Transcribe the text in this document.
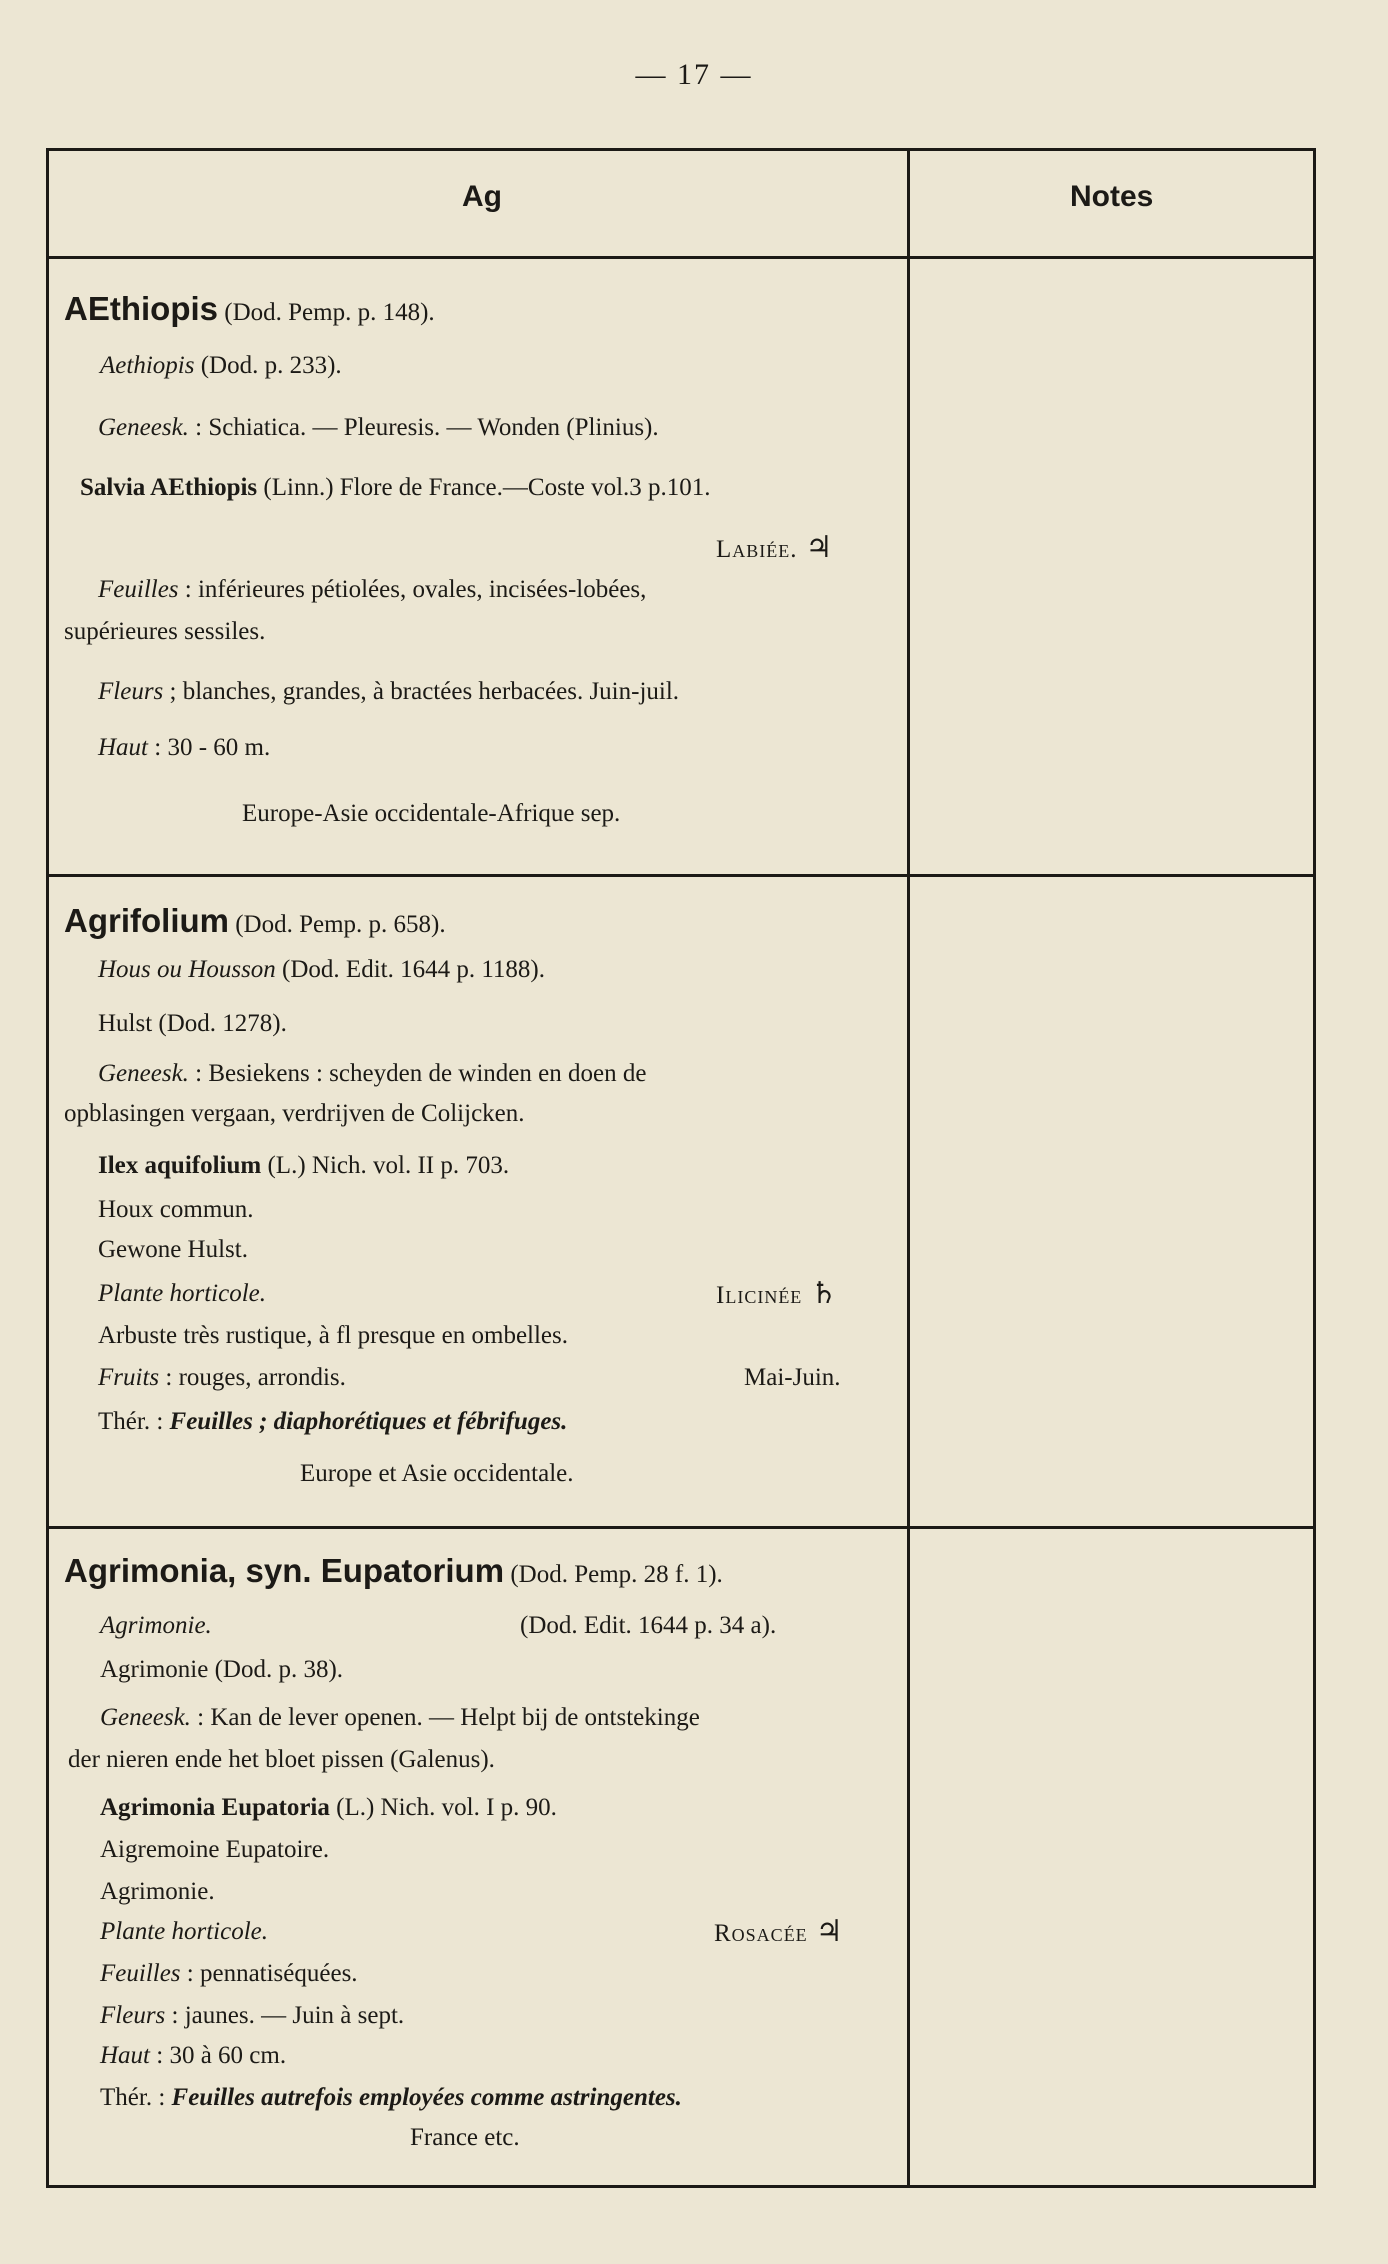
— 17 —
Ag	Notes
AEthiopis (Dod. Pemp. p. 148).
Aethiopis (Dod. p. 233).
Geneesk. : Schiatica. — Pleuresis. — Wonden (Plinius).
Salvia AEthiopis (Linn.) Flore de France.—Coste vol.3 p.101.
Labiée. ♃
Feuilles : inférieures pétiolées, ovales, incisées-lobées,
supérieures sessiles.
Fleurs ; blanches, grandes, à bractées herbacées. Juin-juil.
Haut : 30 - 60 m.
Europe-Asie occidentale-Afrique sep.
Agrifolium (Dod. Pemp. p. 658).
Hous ou Housson (Dod. Edit. 1644 p. 1188).
Hulst (Dod. 1278).
Geneesk. : Besiekens : scheyden de winden en doen de
opblasingen vergaan, verdrijven de Colijcken.
Ilex aquifolium (L.) Nich. vol. II p. 703.
Houx commun.
Gewone Hulst.
Plante horticole.	Ilicinée ♄
Arbuste très rustique, à fl presque en ombelles.
Fruits : rouges, arrondis.	Mai-Juin.
Thér. : Feuilles ; diaphorétiques et fébrifuges.
Europe et Asie occidentale.
Agrimonia, syn. Eupatorium (Dod. Pemp. 28 f. 1).
Agrimonie.	(Dod. Edit. 1644 p. 34 a).
Agrimonie (Dod. p. 38).
Geneesk. : Kan de lever openen. — Helpt bij de ontstekinge
der nieren ende het bloet pissen (Galenus).
Agrimonia Eupatoria (L.) Nich. vol. I p. 90.
Aigremoine Eupatoire.
Agrimonie.
Plante horticole.	Rosacée ♃
Feuilles : pennatiséquées.
Fleurs : jaunes. — Juin à sept.
Haut : 30 à 60 cm.
Thér. : Feuilles autrefois employées comme astringentes.
France etc.
